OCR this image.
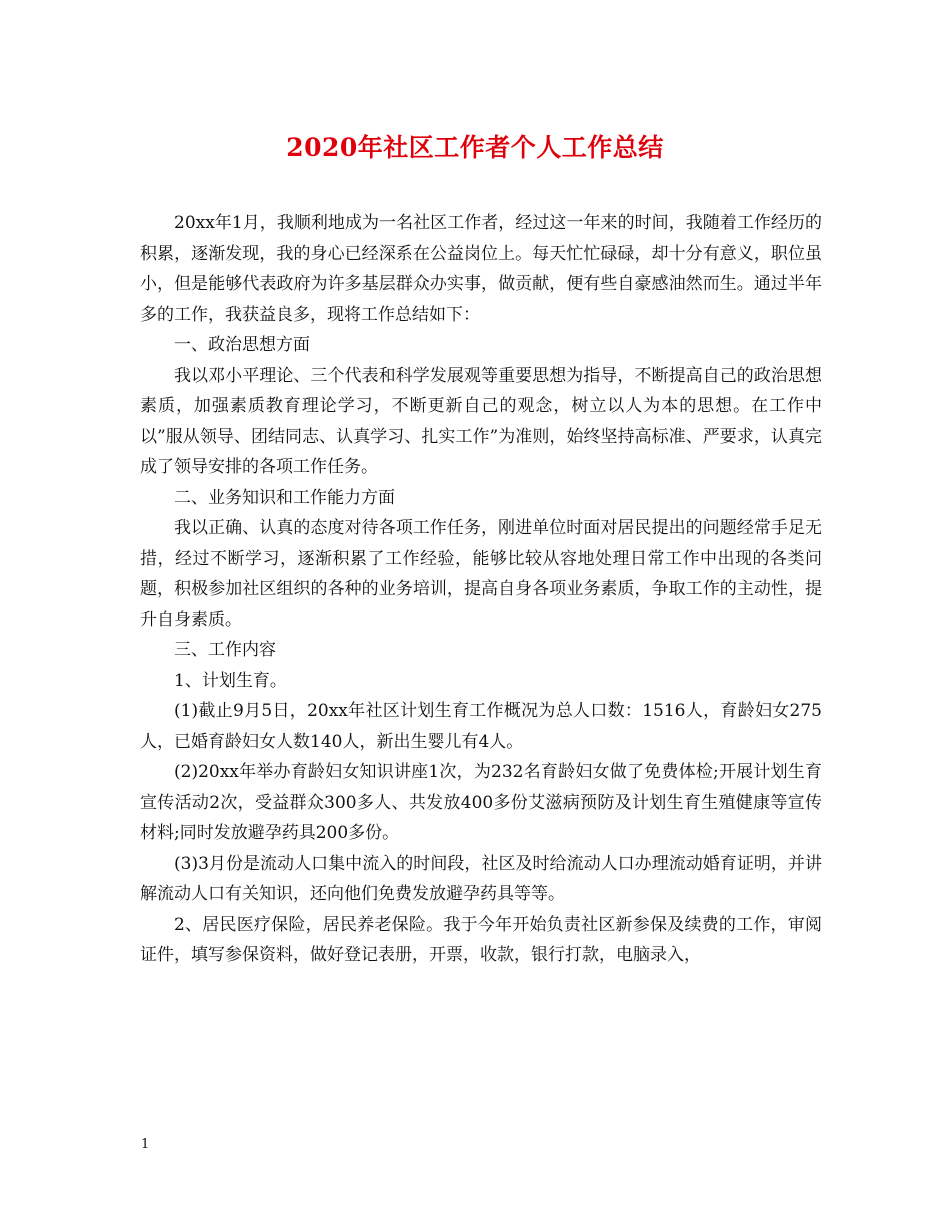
2020年社区工作者个人工作总结

20xx年1月，我顺利地成为一名社区工作者，经过这一年来的时间，我随着工作经历的积累，逐渐发现，我的身心已经深系在公益岗位上。每天忙忙碌碌，却十分有意义，职位虽小，但是能够代表政府为许多基层群众办实事，做贡献，便有些自豪感油然而生。通过半年多的工作，我获益良多，现将工作总结如下：

一、政治思想方面

我以邓小平理论、三个代表和科学发展观等重要思想为指导，不断提高自己的政治思想素质，加强素质教育理论学习，不断更新自己的观念，树立以人为本的思想。在工作中以”服从领导、团结同志、认真学习、扎实工作”为准则，始终坚持高标准、严要求，认真完成了领导安排的各项工作任务。

二、业务知识和工作能力方面

我以正确、认真的态度对待各项工作任务，刚进单位时面对居民提出的问题经常手足无措，经过不断学习，逐渐积累了工作经验，能够比较从容地处理日常工作中出现的各类问题，积极参加社区组织的各种的业务培训，提高自身各项业务素质，争取工作的主动性，提升自身素质。

三、工作内容

1、计划生育。

(1)截止9月5日，20xx年社区计划生育工作概况为总人口数：1516人，育龄妇女275人，已婚育龄妇女人数140人，新出生婴儿有4人。

(2)20xx年举办育龄妇女知识讲座1次，为232名育龄妇女做了免费体检;开展计划生育宣传活动2次，受益群众300多人、共发放400多份艾滋病预防及计划生育生殖健康等宣传材料;同时发放避孕药具200多份。

(3)3月份是流动人口集中流入的时间段，社区及时给流动人口办理流动婚育证明，并讲解流动人口有关知识，还向他们免费发放避孕药具等等。

2、居民医疗保险，居民养老保险。我于今年开始负责社区新参保及续费的工作，审阅证件，填写参保资料，做好登记表册，开票，收款，银行打款，电脑录入，

1
